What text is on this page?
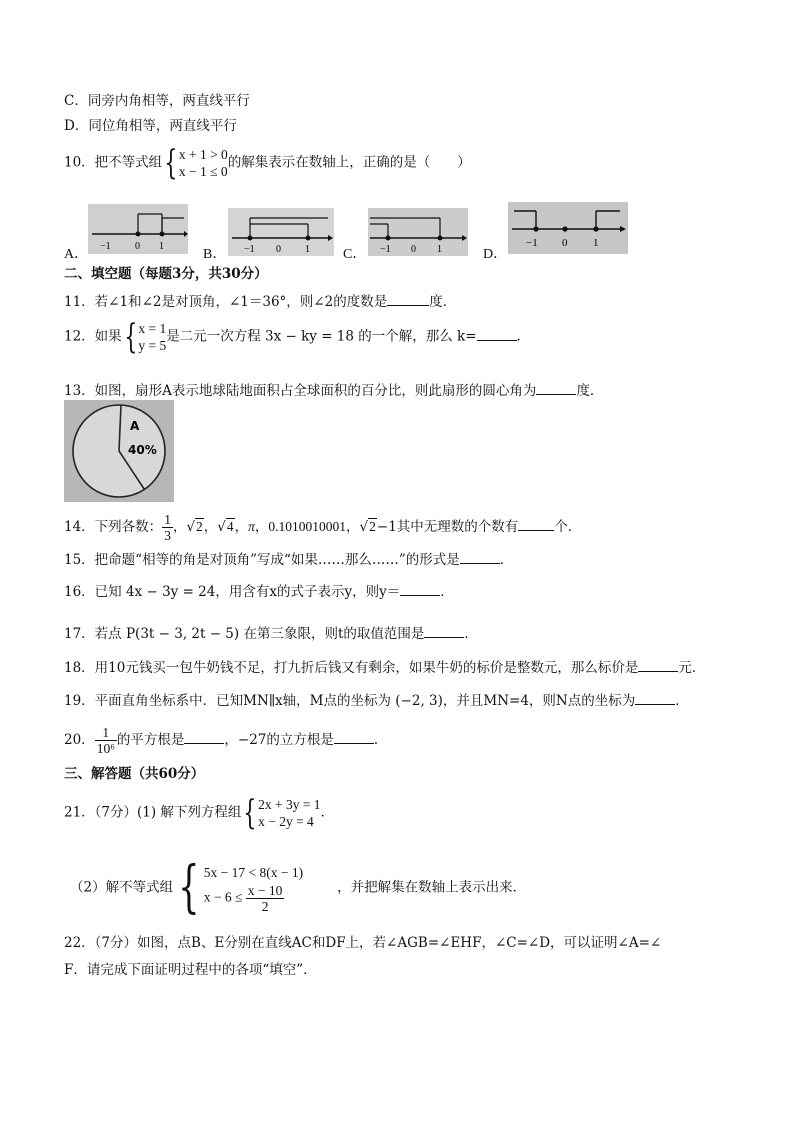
C．同旁内角相等，两直线平行
D．同位角相等，两直线平行
10．把不等式组{ x + 1 > 0
x − 1 ≤ 0
的解集表示在数轴上，正确的是（　　）
A．
−1 0 1
B． −1 0 1 C． −1 0 1	D．
−1 0 1
二、填空题（每题3分，共30分）
11．若∠1和∠2是对顶角，∠1＝36°，则∠2的度数是	度．
12．如果{ x = 1
y = 5
是二元一次方程 3x − ky = 18 的一个解，那么 k=	．
13．如图，扇形A表示地球陆地面积占全球面积的百分比，则此扇形的圆心角为	度．
A
40%
14．下列各数： $\frac{1}{3}$ ，√2，√4，π，0.1010010001，√2−1其中无理数的个数有	个．
15．把命题“相等的角是对顶角”写成“如果……那么……”的形式是	．
16．已知 4x − 3y = 24，用含有x的式子表示y，则y＝	．
17．若点 P(3t − 3, 2t − 5) 在第三象限，则t的取值范围是	．
18．用10元钱买一包牛奶钱不足，打九折后钱又有剩余，如果牛奶的标价是整数元，那么标价是	元．
19．平面直角坐标系中．已知MN∥x轴，M点的坐标为 (−2, 3)，并且MN=4，则N点的坐标为	．
20． $\frac{1}{\text{10⁶}}$ 的平方根是	，−27的立方根是	．
三、解答题（共60分）
21．（7分）(1) 解下列方程组{ 2x + 3y = 1
x − 2y = 4
．
（2）解不等式组{ 5x − 17 < 8(x − 1)
$x - 6 \le \frac{x - 10}{2}$	，并把解集在数轴上表示出来．
22．（7分）如图，点B、E分别在直线AC和DF上，若∠AGB=∠EHF，∠C=∠D，可以证明∠A=∠
F．请完成下面证明过程中的各项“填空”．
